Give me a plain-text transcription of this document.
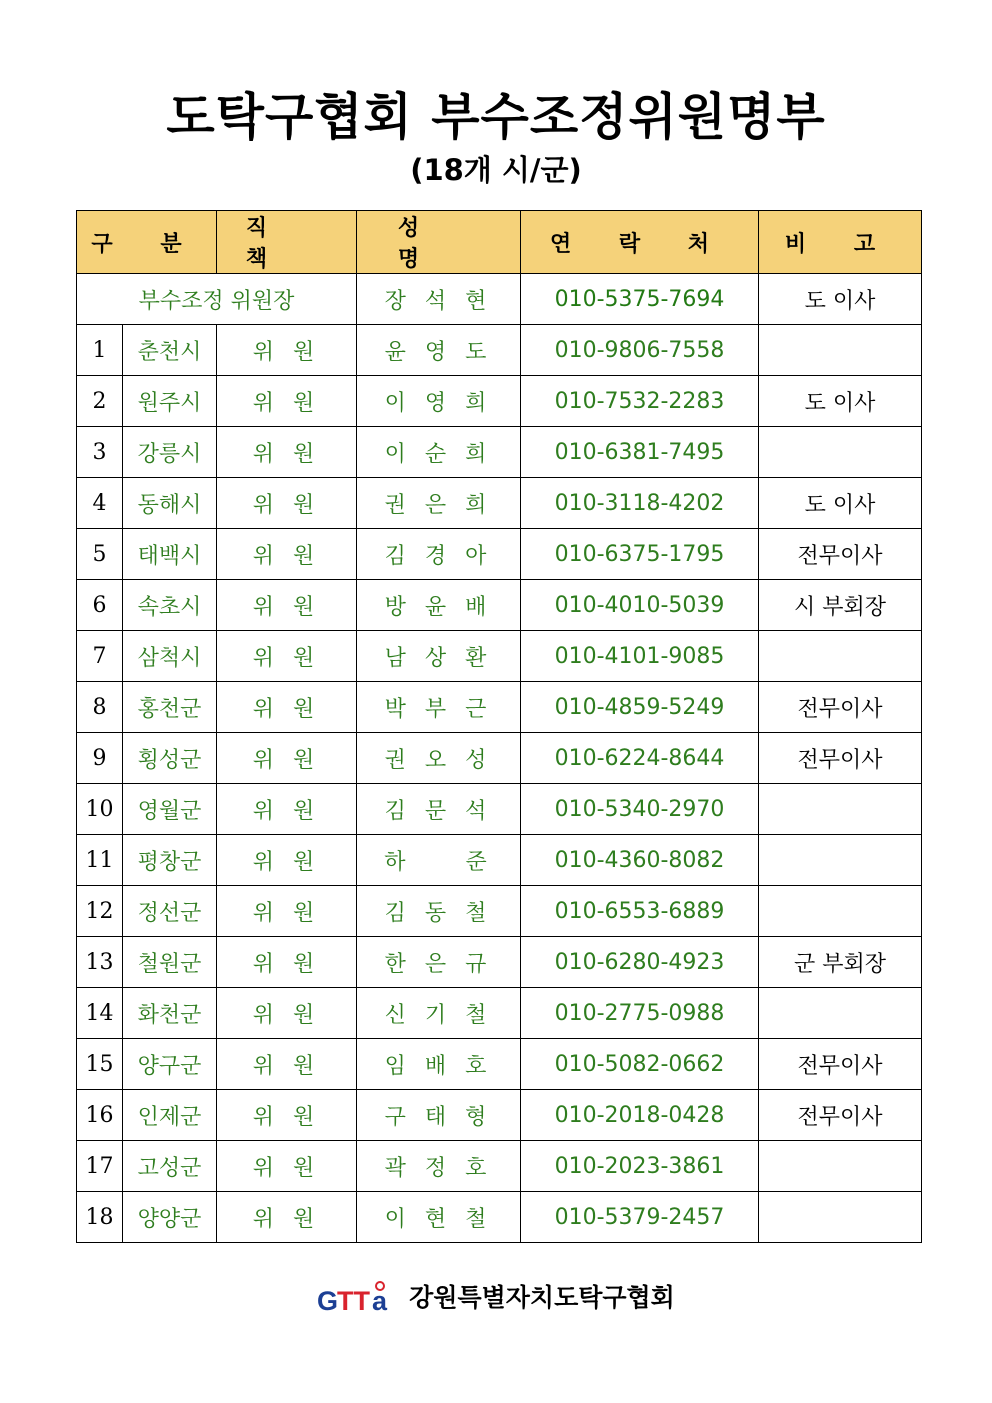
도탁구협회 부수조정위원명부
(18개 시/군)
구 분		직 책	성 명	연 락 처	비 고
부수조정 위원장			장 석 현	010-5375-7694	도 이사
1	춘천시	위 원	윤 영 도	010-9806-7558	
2	원주시	위 원	이 영 희	010-7532-2283	도 이사
3	강릉시	위 원	이 순 희	010-6381-7495	
4	동해시	위 원	권 은 희	010-3118-4202	도 이사
5	태백시	위 원	김 경 아	010-6375-1795	전무이사
6	속초시	위 원	방 윤 배	010-4010-5039	시 부회장
7	삼척시	위 원	남 상 환	010-4101-9085	
8	홍천군	위 원	박 부 근	010-4859-5249	전무이사
9	횡성군	위 원	권 오 성	010-6224-8644	전무이사
10	영월군	위 원	김 문 석	010-5340-2970	
11	평창군	위 원	하 　 준	010-4360-8082	
12	정선군	위 원	김 동 철	010-6553-6889	
13	철원군	위 원	한 은 규	010-6280-4923	군 부회장
14	화천군	위 원	신 기 철	010-2775-0988	
15	양구군	위 원	임 배 호	010-5082-0662	전무이사
16	인제군	위 원	구 태 형	010-2018-0428	전무이사
17	고성군	위 원	곽 정 호	010-2023-3861	
18	양양군	위 원	이 현 철	010-5379-2457	
G
TT a 강원특별자치도탁구협회
